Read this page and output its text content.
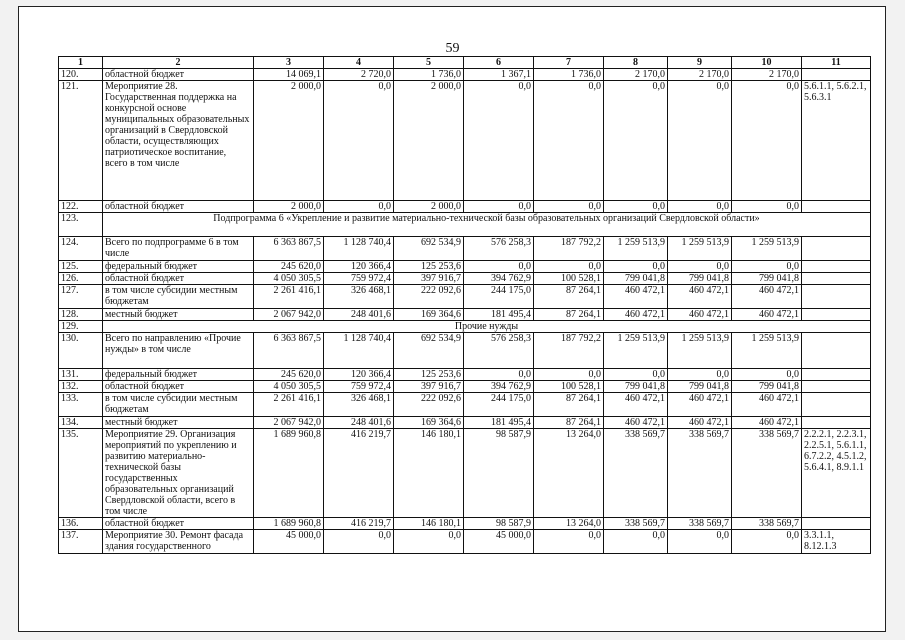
59
1	2	3	4	5	6	7	8	9	10	11
120.	областной бюджет	14 069,1	2 720,0	1 736,0	1 367,1	1 736,0	2 170,0	2 170,0	2 170,0	
121.	Мероприятие 28. Государственная поддержка на конкурсной основе муниципальных образовательных организаций в Свердловской области, осуществляющих патриотическое воспитание, всего в том числе	2 000,0	0,0	2 000,0	0,0	0,0	0,0	0,0	0,0	5.6.1.1, 5.6.2.1, 5.6.3.1
122.	областной бюджет	2 000,0	0,0	2 000,0	0,0	0,0	0,0	0,0	0,0	
123.	Подпрограмма 6 «Укрепление и развитие материально-технической базы образовательных организаций Свердловской области»									
124.	Всего по подпрограмме 6 в том числе	6 363 867,5	1 128 740,4	692 534,9	576 258,3	187 792,2	1 259 513,9	1 259 513,9	1 259 513,9	
125.	федеральный бюджет	245 620,0	120 366,4	125 253,6	0,0	0,0	0,0	0,0	0,0	
126.	областной бюджет	4 050 305,5	759 972,4	397 916,7	394 762,9	100 528,1	799 041,8	799 041,8	799 041,8	
127.	в том числе субсидии местным бюджетам	2 261 416,1	326 468,1	222 092,6	244 175,0	87 264,1	460 472,1	460 472,1	460 472,1	
128.	местный бюджет	2 067 942,0	248 401,6	169 364,6	181 495,4	87 264,1	460 472,1	460 472,1	460 472,1	
129.	Прочие нужды									
130.	Всего по направлению «Прочие нужды» в том числе	6 363 867,5	1 128 740,4	692 534,9	576 258,3	187 792,2	1 259 513,9	1 259 513,9	1 259 513,9	
131.	федеральный бюджет	245 620,0	120 366,4	125 253,6	0,0	0,0	0,0	0,0	0,0	
132.	областной бюджет	4 050 305,5	759 972,4	397 916,7	394 762,9	100 528,1	799 041,8	799 041,8	799 041,8	
133.	в том числе субсидии местным бюджетам	2 261 416,1	326 468,1	222 092,6	244 175,0	87 264,1	460 472,1	460 472,1	460 472,1	
134.	местный бюджет	2 067 942,0	248 401,6	169 364,6	181 495,4	87 264,1	460 472,1	460 472,1	460 472,1	
135.	Мероприятие 29. Организация мероприятий по укреплению и развитию материально-технической базы государственных образовательных организаций Свердловской области, всего в том числе	1 689 960,8	416 219,7	146 180,1	98 587,9	13 264,0	338 569,7	338 569,7	338 569,7	2.2.2.1, 2.2.3.1, 2.2.5.1, 5.6.1.1, 6.7.2.2, 4.5.1.2, 5.6.4.1, 8.9.1.1
136.	областной бюджет	1 689 960,8	416 219,7	146 180,1	98 587,9	13 264,0	338 569,7	338 569,7	338 569,7	
137.	Мероприятие 30. Ремонт фасада здания государственного	45 000,0	0,0	0,0	45 000,0	0,0	0,0	0,0	0,0	3.3.1.1, 8.12.1.3
